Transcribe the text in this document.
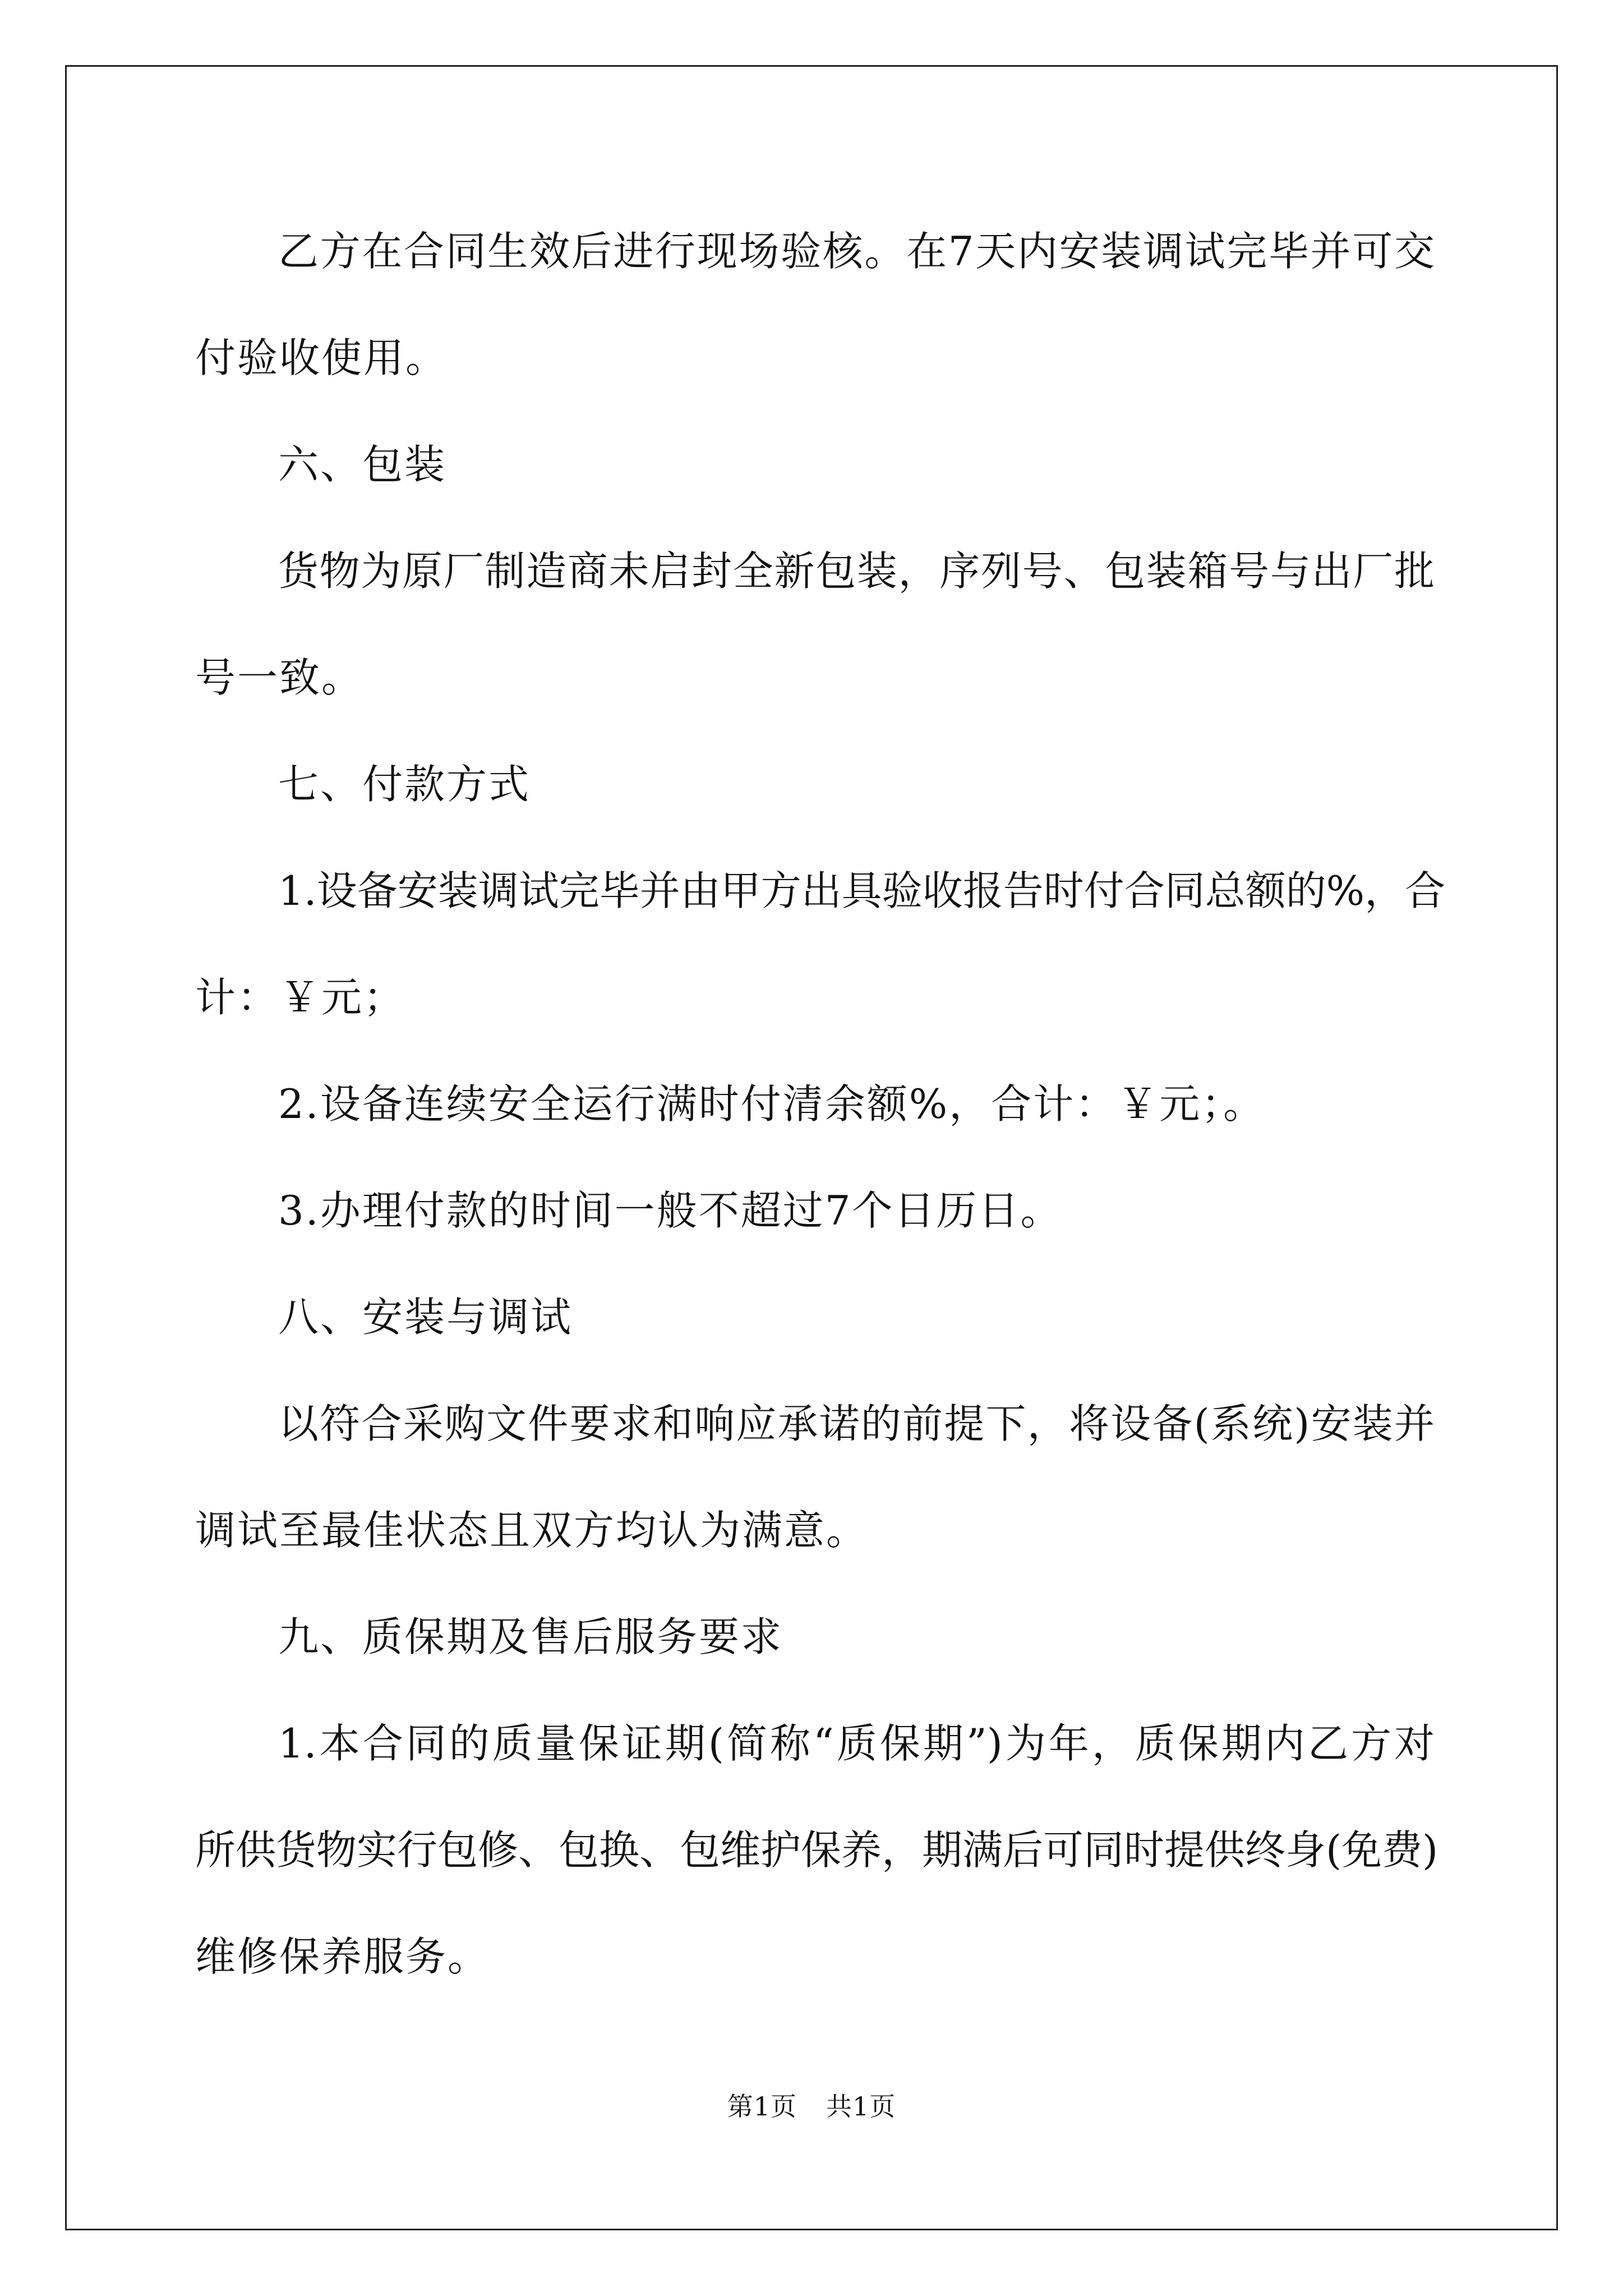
乙方在合同生效后进行现场验核。在7天内安装调试完毕并可交
付验收使用。
六、包装
货物为原厂制造商未启封全新包装，序列号、包装箱号与出厂批
号一致。
七、付款方式
1.设备安装调试完毕并由甲方出具验收报告时付合同总额的%，合
计：￥元；
2.设备连续安全运行满时付清余额%，合计：￥元；。
3.办理付款的时间一般不超过7个日历日。
八、安装与调试
以符合采购文件要求和响应承诺的前提下，将设备(系统)安装并
调试至最佳状态且双方均认为满意。
九、质保期及售后服务要求
1.本合同的质量保证期(简称“质保期”)为年，质保期内乙方对
所供货物实行包修、包换、包维护保养，期满后可同时提供终身(免费)
维修保养服务。
第1页 共1页
